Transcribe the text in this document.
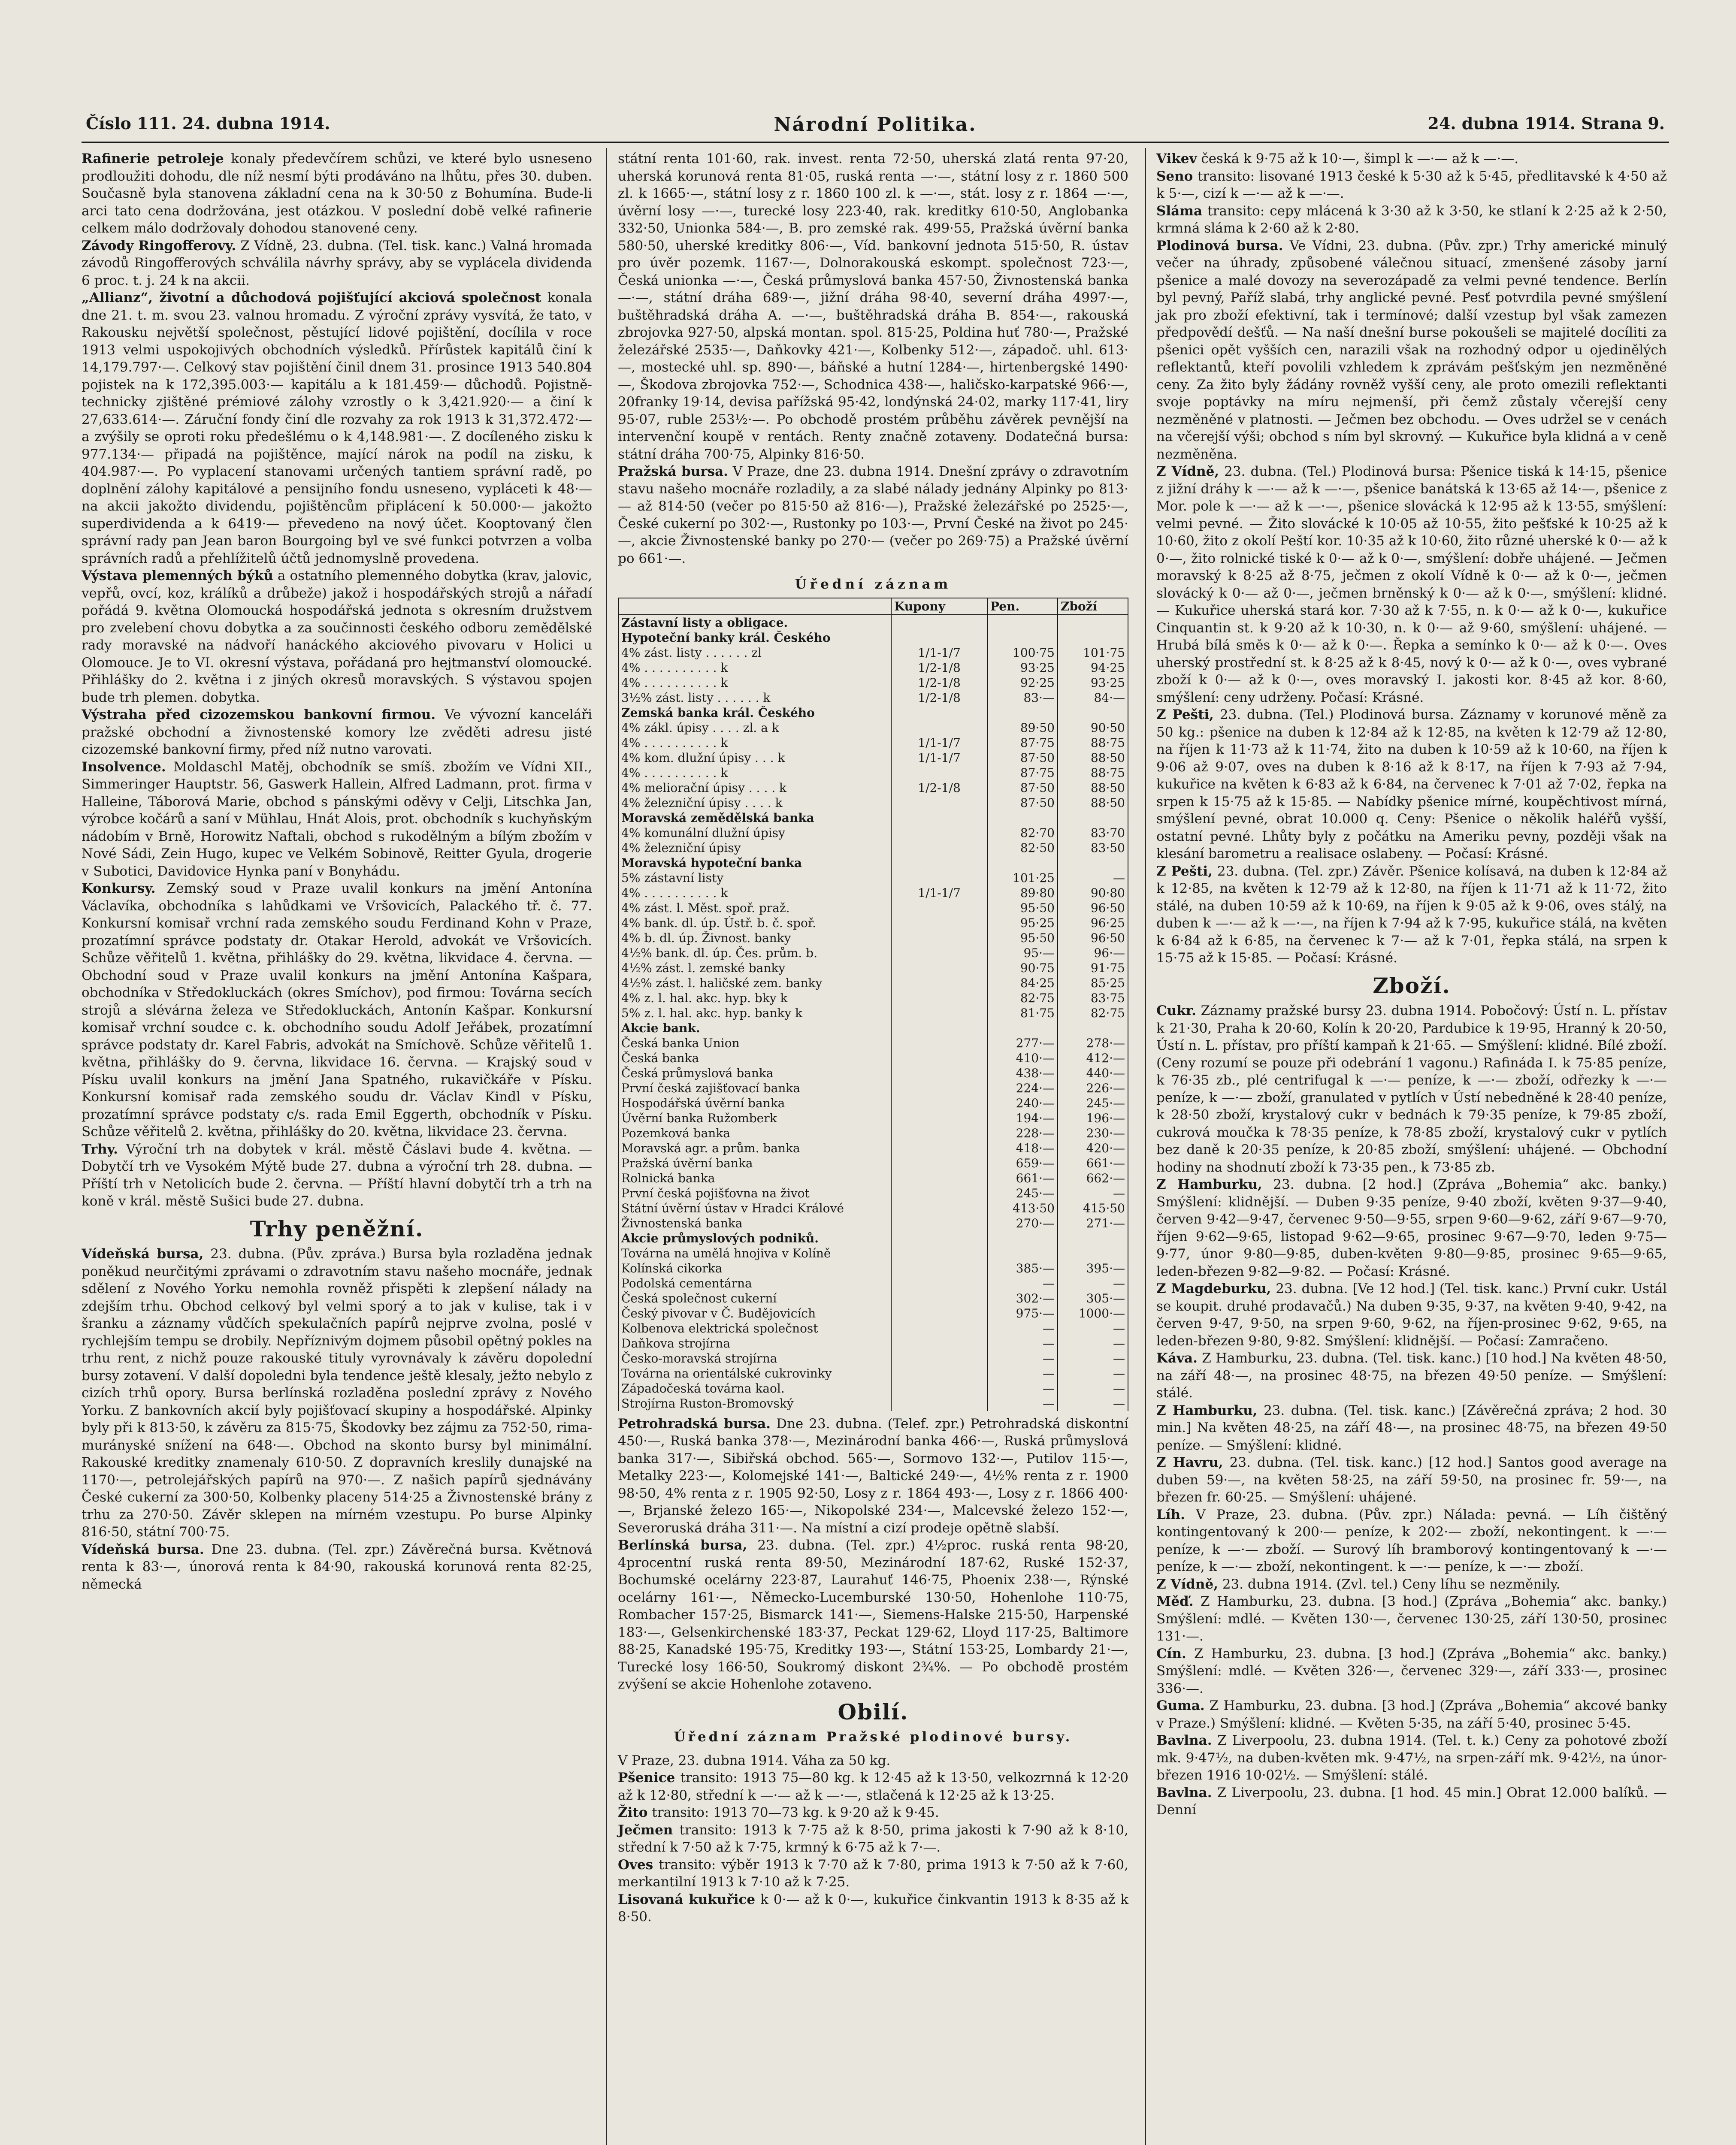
Číslo 111. 24. dubna 1914.	Národní Politika.	24. dubna 1914. Strana 9.

Rafinerie petroleje konaly předevčírem schůzi, ve které bylo usneseno prodloužiti dohodu, dle níž nesmí býti prodáváno na lhůtu, přes 30. duben. Současně byla stanovena základní cena na k 30·50 z Bohumína. Bude-li arci tato cena dodržována, jest otázkou. V poslední době velké rafinerie celkem málo dodržovaly dohodou stanovené ceny.

Závody Ringofferovy. Z Vídně, 23. dubna. (Tel. tisk. kanc.) Valná hromada závodů Ringofferových schválila návrhy správy, aby se vyplácela dividenda 6 proc. t. j. 24 k na akcii.

„Allianz“, životní a důchodová pojišťující akciová společnost konala dne 21. t. m. svou 23. valnou hromadu. Z výroční zprávy vysvítá, že tato, v Rakousku největší společnost, pěstující lidové pojištění, docílila v roce 1913 velmi uspokojivých obchodních výsledků. Přírůstek kapitálů činí k 14,179.797·—. Celkový stav pojištění činil dnem 31. prosince 1913 540.804 pojistek na k 172,395.003·— kapitálu a k 181.459·— důchodů. Pojistně-technicky zjištěné prémiové zálohy vzrostly o k 3,421.920·— a činí k 27,633.614·—. Záruční fondy činí dle rozvahy za rok 1913 k 31,372.472·— a zvýšily se oproti roku předešlému o k 4,148.981·—. Z docíleného zisku k 977.134·— připadá na pojištěnce, mající nárok na podíl na zisku, k 404.987·—. Po vyplacení stanovami určených tantiem správní radě, po doplnění zálohy kapitálové a pensijního fondu usneseno, vypláceti k 48·— na akcii jakožto dividendu, pojištěncům připlácení k 50.000·— jakožto superdividenda a k 6419·— převedeno na nový účet. Kooptovaný člen správní rady pan Jean baron Bourgoing byl ve své funkci potvrzen a volba správních radů a přehlížitelů účtů jednomyslně provedena.

Výstava plemenných býků a ostatního plemenného dobytka (krav, jalovic, vepřů, ovcí, koz, králíků a drůbeže) jakož i hospodářských strojů a nářadí pořádá 9. května Olomoucká hospodářská jednota s okresním družstvem pro zvelebení chovu dobytka a za součinnosti českého odboru zemědělské rady moravské na nádvoří hanáckého akciového pivovaru v Holici u Olomouce. Je to VI. okresní výstava, pořádaná pro hejtmanství olomoucké. Přihlášky do 2. května i z jiných okresů moravských. S výstavou spojen bude trh plemen. dobytka.

Výstraha před cizozemskou bankovní firmou. Ve vývozní kanceláři pražské obchodní a živnostenské komory lze zvěděti adresu jisté cizozemské bankovní firmy, před níž nutno varovati.

Insolvence. Moldaschl Matěj, obchodník se smíš. zbožím ve Vídni XII., Simmeringer Hauptstr. 56, Gaswerk Hallein, Alfred Ladmann, prot. firma v Halleine, Táborová Marie, obchod s pánskými oděvy v Celji, Litschka Jan, výrobce kočárů a saní v Mühlau, Hnát Alois, prot. obchodník s kuchyňským nádobím v Brně, Horowitz Naftali, obchod s rukodělným a bílým zbožím v Nové Sádi, Zein Hugo, kupec ve Velkém Sobinově, Reitter Gyula, drogerie v Subotici, Davidovice Hynka paní v Bonyhádu.

Konkursy. Zemský soud v Praze uvalil konkurs na jmění Antonína Václavíka, obchodníka s lahůdkami ve Vršovicích, Palackého tř. č. 77. Konkursní komisař vrchní rada zemského soudu Ferdinand Kohn v Praze, prozatímní správce podstaty dr. Otakar Herold, advokát ve Vršovicích. Schůze věřitelů 1. května, přihlášky do 29. května, likvidace 4. června. — Obchodní soud v Praze uvalil konkurs na jmění Antonína Kašpara, obchodníka v Středokluckách (okres Smíchov), pod firmou: Továrna secích strojů a slévárna železa ve Středokluckách, Antonín Kašpar. Konkursní komisař vrchní soudce c. k. obchodního soudu Adolf Jeřábek, prozatímní správce podstaty dr. Karel Fabris, advokát na Smíchově. Schůze věřitelů 1. května, přihlášky do 9. června, likvidace 16. června. — Krajský soud v Písku uvalil konkurs na jmění Jana Spatného, rukavičkáře v Písku. Konkursní komisař rada zemského soudu dr. Václav Kindl v Písku, prozatímní správce podstaty c/s. rada Emil Eggerth, obchodník v Písku. Schůze věřitelů 2. května, přihlášky do 20. května, likvidace 23. června.

Trhy. Výroční trh na dobytek v král. městě Čáslavi bude 4. května. — Dobytčí trh ve Vysokém Mýtě bude 27. dubna a výroční trh 28. dubna. — Příští trh v Netolicích bude 2. června. — Příští hlavní dobytčí trh a trh na koně v král. městě Sušici bude 27. dubna.

Trhy peněžní.

Vídeňská bursa, 23. dubna. (Pův. zpráva.) Bursa byla rozladěna jednak poněkud neurčitými zprávami o zdravotním stavu našeho mocnáře, jednak sdělení z Nového Yorku nemohla rovněž přispěti k zlepšení nálady na zdejším trhu. Obchod celkový byl velmi sporý a to jak v kulise, tak i v šranku a záznamy vůdčích spekulačních papírů nejprve zvolna, poslé v rychlejším tempu se drobily. Nepříznivým dojmem působil opětný pokles na trhu rent, z nichž pouze rakouské tituly vyrovnávaly k závěru dopolední bursy zotavení. V další dopoledni byla tendence ještě klesaly, ježto nebylo z cizích trhů opory. Bursa berlínská rozladěna poslední zprávy z Nového Yorku. Z bankovních akcií byly pojišťovací skupiny a hospodářské. Alpinky byly při k 813·50, k závěru za 815·75, Škodovky bez zájmu za 752·50, rima-murányské snížení na 648·—. Obchod na skonto bursy byl minimální. Rakouské kreditky znamenaly 610·50. Z dopravních kreslily dunajské na 1170·—, petrolejářských papírů na 970·—. Z našich papírů sjednávány České cukerní za 300·50, Kolbenky placeny 514·25 a Živnostenské brány z trhu za 270·50. Závěr sklepen na mírném vzestupu. Po burse Alpinky 816·50, státní 700·75.

Vídeňská bursa. Dne 23. dubna. (Tel. zpr.) Závěrečná bursa. Květnová renta k 83·—, únorová renta k 84·90, rakouská korunová renta 82·25, německá

státní renta 101·60, rak. invest. renta 72·50, uherská zlatá renta 97·20, uherská korunová renta 81·05, ruská renta —·—, státní losy z r. 1860 500 zl. k 1665·—, státní losy z r. 1860 100 zl. k —·—, stát. losy z r. 1864 —·—, úvěrní losy —·—, turecké losy 223·40, rak. kreditky 610·50, Anglobanka 332·50, Unionka 584·—, B. pro zemské rak. 499·55, Pražská úvěrní banka 580·50, uherské kreditky 806·—, Víd. bankovní jednota 515·50, R. ústav pro úvěr pozemk. 1167·—, Dolnorakouská eskompt. společnost 723·—, Česká unionka —·—, Česká průmyslová banka 457·50, Živnostenská banka —·—, státní dráha 689·—, jižní dráha 98·40, severní dráha 4997·—, buštěhradská dráha A. —·—, buštěhradská dráha B. 854·—, rakouská zbrojovka 927·50, alpská montan. spol. 815·25, Poldina huť 780·—, Pražské železářské 2535·—, Daňkovky 421·—, Kolbenky 512·—, západoč. uhl. 613·—, mostecké uhl. sp. 890·—, báňské a hutní 1284·—, hirtenbergské 1490·—, Škodova zbrojovka 752·—, Schodnica 438·—, haličsko-karpatské 966·—, 20franky 19·14, devisa pařížská 95·42, londýnská 24·02, marky 117·41, liry 95·07, ruble 253½·—. Po obchodě prostém průběhu závěrek pevnější na intervenční koupě v rentách. Renty značně zotaveny. Dodatečná bursa: státní dráha 700·75, Alpinky 816·50.

Pražská bursa. V Praze, dne 23. dubna 1914. Dnešní zprávy o zdravotním stavu našeho mocnáře rozladily, a za slabé nálady jednány Alpinky po 813·— až 814·50 (večer po 815·50 až 816·—), Pražské železářské po 2525·—, České cukerní po 302·—, Rustonky po 103·—, První České na život po 245·—, akcie Živnostenské banky po 270·— (večer po 269·75) a Pražské úvěrní po 661·—.

Úřední záznam
	Kupony	Pen.	Zboží
Zástavní listy a obligace.			
Hypoteční banky král. Českého			
4% zást. listy . . . . . . zl	1/1-1/7	100·75	101·75
4% . . . . . . . . . . k	1/2-1/8	93·25	94·25
4% . . . . . . . . . . k	1/2-1/8	92·25	93·25
3½% zást. listy . . . . . . k	1/2-1/8	83·—	84·—
Zemská banka král. Českého			
4% zákl. úpisy . . . . zl. a k		89·50	90·50
4% . . . . . . . . . . k	1/1-1/7	87·75	88·75
4% kom. dlužní úpisy . . . k	1/1-1/7	87·50	88·50
4% . . . . . . . . . . k		87·75	88·75
4% meliorační úpisy . . . . k	1/2-1/8	87·50	88·50
4% železniční úpisy . . . . k		87·50	88·50
Moravská zemědělská banka			
4% komunální dlužní úpisy		82·70	83·70
4% železniční úpisy		82·50	83·50
Moravská hypoteční banka			
5% zástavní listy		101·25	—
4% . . . . . . . . . . k	1/1-1/7	89·80	90·80
4% zást. l. Měst. spoř. praž.		95·50	96·50
4% bank. dl. úp. Ústř. b. č. spoř.		95·25	96·25
4% b. dl. úp. Živnost. banky		95·50	96·50
4½% bank. dl. úp. Čes. prům. b.		95·—	96·—
4½% zást. l. zemské banky		90·75	91·75
4½% zást. l. haličské zem. banky		84·25	85·25
4% z. l. hal. akc. hyp. bky k		82·75	83·75
5% z. l. hal. akc. hyp. banky k		81·75	82·75
Akcie bank.			
Česká banka Union		277·—	278·—
Česká banka		410·—	412·—
Česká průmyslová banka		438·—	440·—
První česká zajišťovací banka		224·—	226·—
Hospodářská úvěrní banka		240·—	245·—
Úvěrní banka Ružomberk		194·—	196·—
Pozemková banka		228·—	230·—
Moravská agr. a prům. banka		418·—	420·—
Pražská úvěrní banka		659·—	661·—
Rolnická banka		661·—	662·—
První česká pojišťovna na život		245·—	—
Státní úvěrní ústav v Hradci Králové		413·50	415·50
Živnostenská banka		270·—	271·—
Akcie průmyslových podniků.			
Továrna na umělá hnojiva v Kolíně			
Kolínská cikorka		385·—	395·—
Podolská cementárna		—	—
Česká společnost cukerní		302·—	305·—
Český pivovar v Č. Budějovicích		975·—	1000·—
Kolbenova elektrická společnost		—	—
Daňkova strojírna		—	—
Česko-moravská strojírna		—	—
Továrna na orientálské cukrovinky		—	—
Západočeská továrna kaol.		—	—
Strojírna Ruston-Bromovský		—	—

Petrohradská bursa. Dne 23. dubna. (Telef. zpr.) Petrohradská diskontní 450·—, Ruská banka 378·—, Mezinárodní banka 466·—, Ruská průmyslová banka 317·—, Sibiřská obchod. 565·—, Sormovo 132·—, Putilov 115·—, Metalky 223·—, Kolomejské 141·—, Baltické 249·—, 4½% renta z r. 1900 98·50, 4% renta z r. 1905 92·50, Losy z r. 1864 493·—, Losy z r. 1866 400·—, Brjanské železo 165·—, Nikopolské 234·—, Malcevské železo 152·—, Severoruská dráha 311·—. Na místní a cizí prodeje opětně slabší.

Berlínská bursa, 23. dubna. (Tel. zpr.) 4½proc. ruská renta 98·20, 4procentní ruská renta 89·50, Mezinárodní 187·62, Ruské 152·37, Bochumské ocelárny 223·87, Laurahuť 146·75, Phoenix 238·—, Rýnské ocelárny 161·—, Německo-Lucemburské 130·50, Hohenlohe 110·75, Rombacher 157·25, Bismarck 141·—, Siemens-Halske 215·50, Harpenské 183·—, Gelsenkirchenské 183·37, Peckat 129·62, Lloyd 117·25, Baltimore 88·25, Kanadské 195·75, Kreditky 193·—, Státní 153·25, Lombardy 21·—, Turecké losy 166·50, Soukromý diskont 2¾%. — Po obchodě prostém zvýšení se akcie Hohenlohe zotaveno.

Obilí.
Úřední záznam Pražské plodinové bursy.

V Praze, 23. dubna 1914. Váha za 50 kg.

Pšenice transito: 1913 75—80 kg. k 12·45 až k 13·50, velkozrnná k 12·20 až k 12·80, střední k —·— až k —·—, stlačená k 12·25 až k 13·25.

Žito transito: 1913 70—73 kg. k 9·20 až k 9·45.

Ječmen transito: 1913 k 7·75 až k 8·50, prima jakosti k 7·90 až k 8·10, střední k 7·50 až k 7·75, krmný k 6·75 až k 7·—.

Oves transito: výběr 1913 k 7·70 až k 7·80, prima 1913 k 7·50 až k 7·60, merkantilní 1913 k 7·10 až k 7·25.

Lisovaná kukuřice k 0·— až k 0·—, kukuřice činkvantin 1913 k 8·35 až k 8·50.

Vikev česká k 9·75 až k 10·—, šimpl k —·— až k —·—.

Seno transito: lisované 1913 české k 5·30 až k 5·45, předlitavské k 4·50 až k 5·—, cizí k —·— až k —·—.

Sláma transito: cepy mlácená k 3·30 až k 3·50, ke stlaní k 2·25 až k 2·50, krmná sláma k 2·60 až k 2·80.

Plodinová bursa. Ve Vídni, 23. dubna. (Pův. zpr.) Trhy americké minulý večer na úhrady, způsobené válečnou situací, zmenšené zásoby jarní pšenice a malé dovozy na severozápadě za velmi pevné tendence. Berlín byl pevný, Paříž slabá, trhy anglické pevné. Pesť potvrdila pevné smýšlení jak pro zboží efektivní, tak i termínové; další vzestup byl však zamezen předpovědí dešťů. — Na naší dnešní burse pokoušeli se majitelé docíliti za pšenici opět vyšších cen, narazili však na rozhodný odpor u ojedinělých reflektantů, kteří povolili vzhledem k zprávám pešťským jen nezměněné ceny. Za žito byly žádány rovněž vyšší ceny, ale proto omezili reflektanti svoje poptávky na míru nejmenší, při čemž zůstaly včerejší ceny nezměněné v platnosti. — Ječmen bez obchodu. — Oves udržel se v cenách na včerejší výši; obchod s ním byl skrovný. — Kukuřice byla klidná a v ceně nezměněna.

Z Vídně, 23. dubna. (Tel.) Plodinová bursa: Pšenice tiská k 14·15, pšenice z jižní dráhy k —·— až k —·—, pšenice banátská k 13·65 až 14·—, pšenice z Mor. pole k —·— až k —·—, pšenice slovácká k 12·95 až k 13·55, smýšlení: velmi pevné. — Žito slovácké k 10·05 až 10·55, žito pešťské k 10·25 až k 10·60, žito z okolí Peští kor. 10·35 až k 10·60, žito různé uherské k 0·— až k 0·—, žito rolnické tiské k 0·— až k 0·—, smýšlení: dobře uhájené. — Ječmen moravský k 8·25 až 8·75, ječmen z okolí Vídně k 0·— až k 0·—, ječmen slovácký k 0·— až 0·—, ječmen brněnský k 0·— až k 0·—, smýšlení: klidné. — Kukuřice uherská stará kor. 7·30 až k 7·55, n. k 0·— až k 0·—, kukuřice Cinquantin st. k 9·20 až k 10·30, n. k 0·— až 9·60, smýšlení: uhájené. — Hrubá bílá směs k 0·— až k 0·—. Řepka a semínko k 0·— až k 0·—. Oves uherský prostřední st. k 8·25 až k 8·45, nový k 0·— až k 0·—, oves vybrané zboží k 0·— až k 0·—, oves moravský I. jakosti kor. 8·45 až kor. 8·60, smýšlení: ceny udrženy. Počasí: Krásné.

Z Pešti, 23. dubna. (Tel.) Plodinová bursa. Záznamy v korunové měně za 50 kg.: pšenice na duben k 12·84 až k 12·85, na květen k 12·79 až 12·80, na říjen k 11·73 až k 11·74, žito na duben k 10·59 až k 10·60, na říjen k 9·06 až 9·07, oves na duben k 8·16 až k 8·17, na říjen k 7·93 až 7·94, kukuřice na květen k 6·83 až k 6·84, na červenec k 7·01 až 7·02, řepka na srpen k 15·75 až k 15·85. — Nabídky pšenice mírné, koupěchtivost mírná, smýšlení pevné, obrat 10.000 q. Ceny: Pšenice o několik haléřů vyšší, ostatní pevné. Lhůty byly z počátku na Ameriku pevny, později však na klesání barometru a realisace oslabeny. — Počasí: Krásné.

Z Pešti, 23. dubna. (Tel. zpr.) Závěr. Pšenice kolísavá, na duben k 12·84 až k 12·85, na květen k 12·79 až k 12·80, na říjen k 11·71 až k 11·72, žito stálé, na duben 10·59 až k 10·69, na říjen k 9·05 až k 9·06, oves stálý, na duben k —·— až k —·—, na říjen k 7·94 až k 7·95, kukuřice stálá, na květen k 6·84 až k 6·85, na červenec k 7·— až k 7·01, řepka stálá, na srpen k 15·75 až k 15·85. — Počasí: Krásné.

Zboží.

Cukr. Záznamy pražské bursy 23. dubna 1914. Pobočový: Ústí n. L. přístav k 21·30, Praha k 20·60, Kolín k 20·20, Pardubice k 19·95, Hranný k 20·50, Ústí n. L. přístav, pro příští kampaň k 21·65. — Smýšlení: klidné. Bílé zboží. (Ceny rozumí se pouze při odebrání 1 vagonu.) Rafináda I. k 75·85 peníze, k 76·35 zb., plé centrifugal k —·— peníze, k —·— zboží, odřezky k —·— peníze, k —·— zboží, granulated v pytlích v Ústí nebedněné k 28·40 peníze, k 28·50 zboží, krystalový cukr v bednách k 79·35 peníze, k 79·85 zboží, cukrová moučka k 78·35 peníze, k 78·85 zboží, krystalový cukr v pytlích bez daně k 20·35 peníze, k 20·85 zboží, smýšlení: uhájené. — Obchodní hodiny na shodnutí zboží k 73·35 pen., k 73·85 zb.

Z Hamburku, 23. dubna. [2 hod.] (Zpráva „Bohemia“ akc. banky.) Smýšlení: klidnější. — Duben 9·35 peníze, 9·40 zboží, květen 9·37—9·40, červen 9·42—9·47, červenec 9·50—9·55, srpen 9·60—9·62, září 9·67—9·70, říjen 9·62—9·65, listopad 9·62—9·65, prosinec 9·67—9·70, leden 9·75—9·77, únor 9·80—9·85, duben-květen 9·80—9·85, prosinec 9·65—9·65, leden-březen 9·82—9·82. — Počasí: Krásné.

Z Magdeburku, 23. dubna. [Ve 12 hod.] (Tel. tisk. kanc.) První cukr. Ustál se koupit. druhé prodavačů.) Na duben 9·35, 9·37, na květen 9·40, 9·42, na červen 9·47, 9·50, na srpen 9·60, 9·62, na říjen-prosinec 9·62, 9·65, na leden-březen 9·80, 9·82. Smýšlení: klidnější. — Počasí: Zamračeno.

Káva. Z Hamburku, 23. dubna. (Tel. tisk. kanc.) [10 hod.] Na květen 48·50, na září 48·—, na prosinec 48·75, na březen 49·50 peníze. — Smýšlení: stálé.

Z Hamburku, 23. dubna. (Tel. tisk. kanc.) [Závěrečná zpráva; 2 hod. 30 min.] Na květen 48·25, na září 48·—, na prosinec 48·75, na březen 49·50 peníze. — Smýšlení: klidné.

Z Havru, 23. dubna. (Tel. tisk. kanc.) [12 hod.] Santos good average na duben 59·—, na květen 58·25, na září 59·50, na prosinec fr. 59·—, na březen fr. 60·25. — Smýšlení: uhájené.

Líh. V Praze, 23. dubna. (Pův. zpr.) Nálada: pevná. — Líh čištěný kontingentovaný k 200·— peníze, k 202·— zboží, nekontingent. k —·— peníze, k —·— zboží. — Surový líh bramborový kontingentovaný k —·— peníze, k —·— zboží, nekontingent. k —·— peníze, k —·— zboží.

Z Vídně, 23. dubna 1914. (Zvl. tel.) Ceny líhu se nezměnily.

Měď. Z Hamburku, 23. dubna. [3 hod.] (Zpráva „Bohemia“ akc. banky.) Smýšlení: mdlé. — Květen 130·—, červenec 130·25, září 130·50, prosinec 131·—.

Cín. Z Hamburku, 23. dubna. [3 hod.] (Zpráva „Bohemia“ akc. banky.) Smýšlení: mdlé. — Květen 326·—, červenec 329·—, září 333·—, prosinec 336·—.

Guma. Z Hamburku, 23. dubna. [3 hod.] (Zpráva „Bohemia“ akcové banky v Praze.) Smýšlení: klidné. — Květen 5·35, na září 5·40, prosinec 5·45.

Bavlna. Z Liverpoolu, 23. dubna 1914. (Tel. t. k.) Ceny za pohotové zboží mk. 9·47½, na duben-květen mk. 9·47½, na srpen-září mk. 9·42½, na únor-březen 1916 10·02½. — Smýšlení: stálé.

Bavlna. Z Liverpoolu, 23. dubna. [1 hod. 45 min.] Obrat 12.000 balíků. — Denní
